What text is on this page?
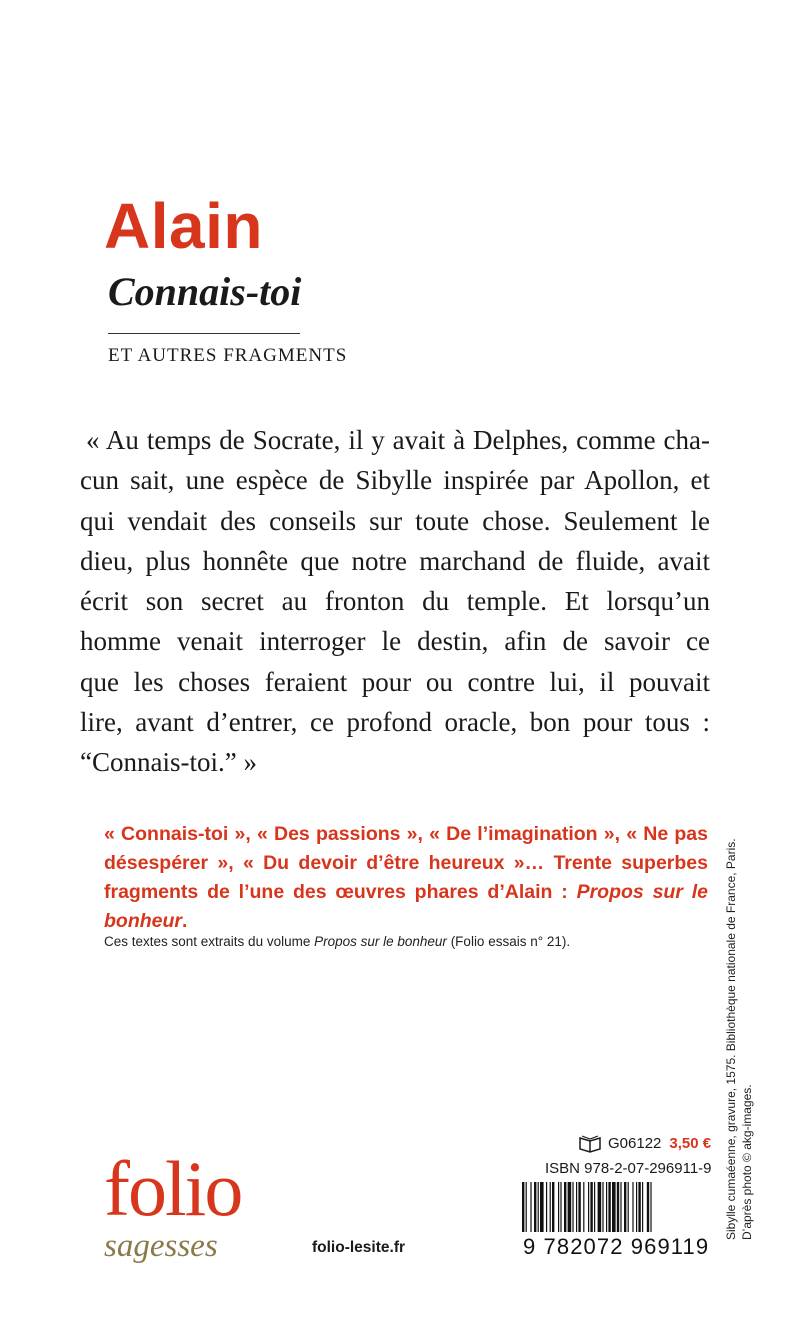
Alain
Connais-toi

ET AUTRES FRAGMENTS

« Au temps de Socrate, il y avait à Delphes, comme cha-
cun sait, une espèce de Sibylle inspirée par Apollon, et
qui vendait des conseils sur toute chose. Seulement le
dieu, plus honnête que notre marchand de fluide, avait
écrit son secret au fronton du temple. Et lorsqu’un
homme venait interroger le destin, afin de savoir ce
que les choses feraient pour ou contre lui, il pouvait
lire, avant d’entrer, ce profond oracle, bon pour tous :
“Connais-toi.” »
« Connais-toi », « Des passions », « De l’imagination », « Ne pas
désespérer », « Du devoir d’être heureux »… Trente superbes
fragments de l’une des œuvres phares d’Alain : Propos sur le
bonheur.

Ces textes sont extraits du volume Propos sur le bonheur (Folio essais n° 21).	Sibylle cumaéenne, gravure, 1575. Bibliothèque nationale de France, Paris. D’après photo © akg-images.

folio

sagesses	folio-lesite.fr

G06122 3,50 €

ISBN 978-2-07-296911-9

9 782072 969119
